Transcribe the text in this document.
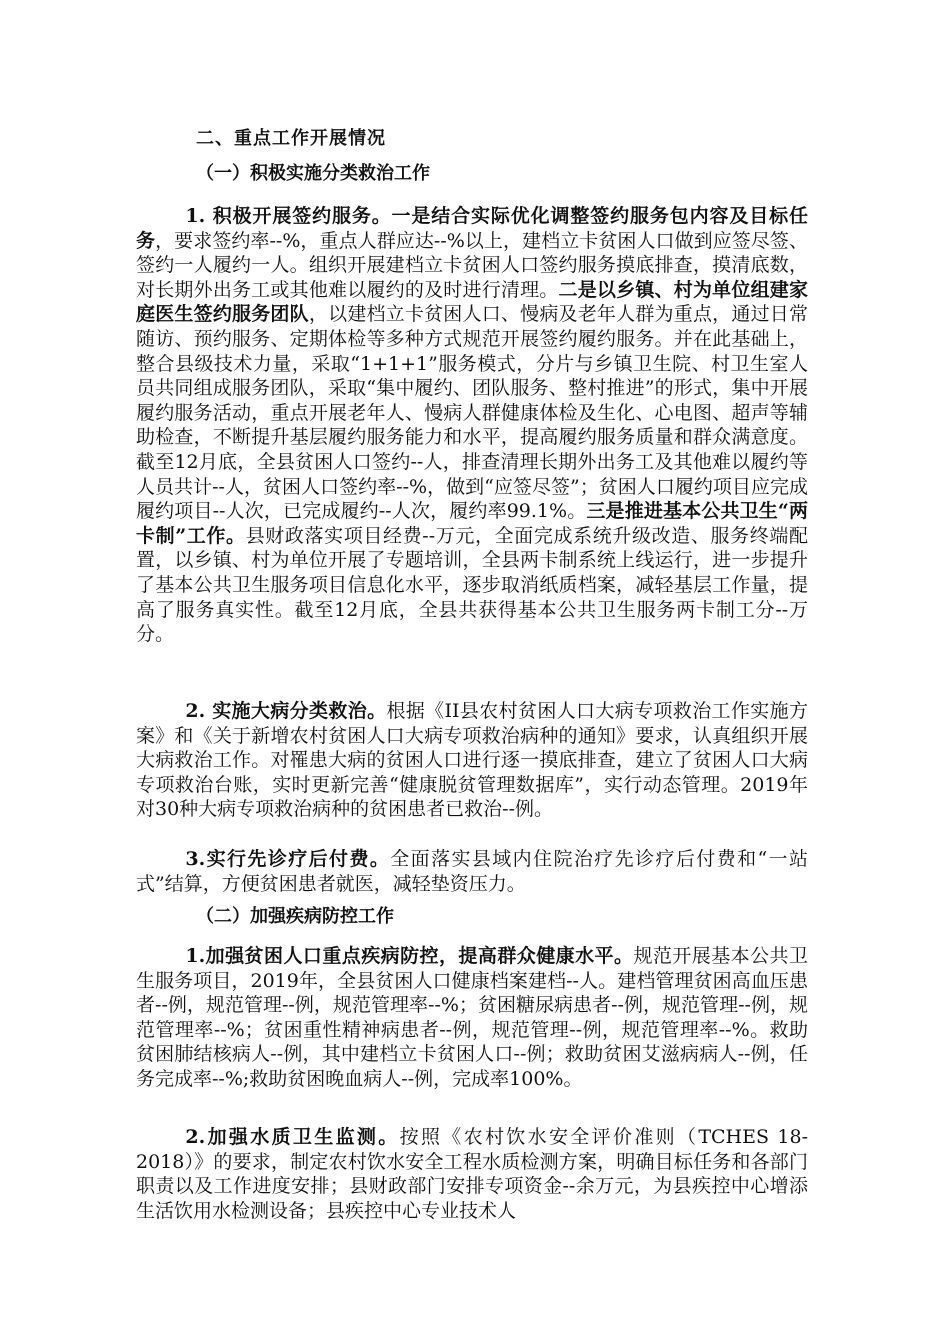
二、重点工作开展情况
（一）积极实施分类救治工作

1. 积极开展签约服务。一是结合实际优化调整签约服务包内容及目标任务，要求签约率--%，重点人群应达--%以上，建档立卡贫困人口做到应签尽签、签约一人履约一人。组织开展建档立卡贫困人口签约服务摸底排查，摸清底数，对长期外出务工或其他难以履约的及时进行清理。二是以乡镇、村为单位组建家庭医生签约服务团队，以建档立卡贫困人口、慢病及老年人群为重点，通过日常随访、预约服务、定期体检等多种方式规范开展签约履约服务。并在此基础上，整合县级技术力量，采取“1+1+1”服务模式，分片与乡镇卫生院、村卫生室人员共同组成服务团队，采取“集中履约、团队服务、整村推进”的形式，集中开展履约服务活动，重点开展老年人、慢病人群健康体检及生化、心电图、超声等辅助检查，不断提升基层履约服务能力和水平，提高履约服务质量和群众满意度。截至12月底，全县贫困人口签约--人，排查清理长期外出务工及其他难以履约等人员共计--人，贫困人口签约率--%，做到“应签尽签”；贫困人口履约项目应完成履约项目--人次，已完成履约--人次，履约率99.1%。三是推进基本公共卫生“两卡制”工作。县财政落实项目经费--万元，全面完成系统升级改造、服务终端配置，以乡镇、村为单位开展了专题培训，全县两卡制系统上线运行，进一步提升了基本公共卫生服务项目信息化水平，逐步取消纸质档案，减轻基层工作量，提高了服务真实性。截至12月底，全县共获得基本公共卫生服务两卡制工分--万分。

2. 实施大病分类救治。根据《II县农村贫困人口大病专项救治工作实施方案》和《关于新增农村贫困人口大病专项救治病种的通知》要求，认真组织开展大病救治工作。对罹患大病的贫困人口进行逐一摸底排查，建立了贫困人口大病专项救治台账，实时更新完善“健康脱贫管理数据库”，实行动态管理。2019年对30种大病专项救治病种的贫困患者已救治--例。

3.实行先诊疗后付费。全面落实县域内住院治疗先诊疗后付费和“一站式”结算，方便贫困患者就医，减轻垫资压力。

（二）加强疾病防控工作

1.加强贫困人口重点疾病防控，提高群众健康水平。规范开展基本公共卫生服务项目，2019年，全县贫困人口健康档案建档--人。建档管理贫困高血压患者--例，规范管理--例，规范管理率--%；贫困糖尿病患者--例，规范管理--例，规范管理率--%；贫困重性精神病患者--例，规范管理--例，规范管理率--%。救助贫困肺结核病人--例，其中建档立卡贫困人口--例；救助贫困艾滋病病人--例，任务完成率--%;救助贫困晚血病人--例，完成率100%。

2.加强水质卫生监测。按照《农村饮水安全评价准则（TCHES 18-2018）》的要求，制定农村饮水安全工程水质检测方案，明确目标任务和各部门职责以及工作进度安排；县财政部门安排专项资金--余万元，为县疾控中心增添生活饮用水检测设备；县疾控中心专业技术人
